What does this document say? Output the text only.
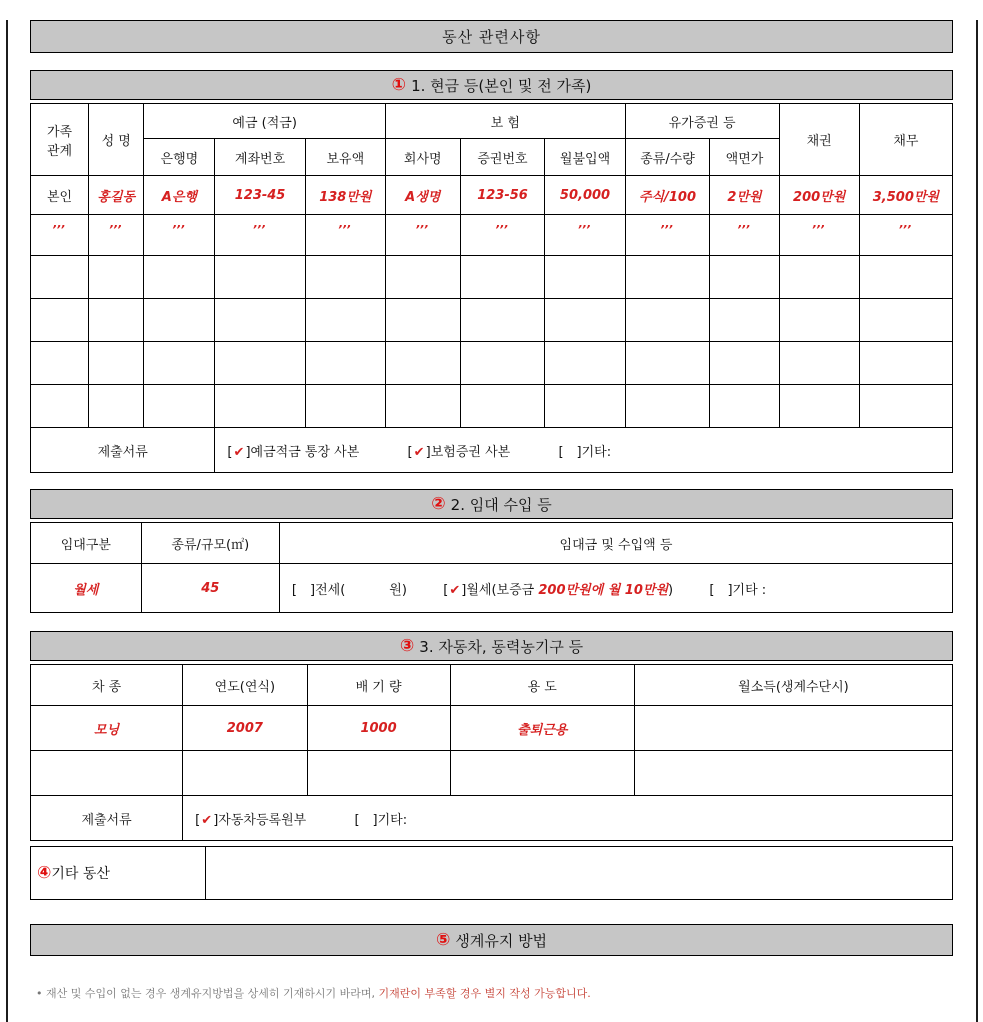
동산 관련사항
① 1. 현금 등(본인 및 전 가족)
가족
관계	성 명	예금 (적금)			보 험			유가증권 등		채권	채무
		은행명	계좌번호	보유액	회사명	증권번호	월불입액	종류/수량	액면가		
본인	홍길동	A은행	123-45	138만원	A생명	123-56	50,000	주식/100	2만원	200만원	3,500만원
,,,	,,,	,,,	,,,	,,,	,,,	,,,	,,,	,,,	,,,	,,,	,,,

제출서류			[✔]예금적금 통장 사본 [✔]보험증권 사본 [ ]기타:								
② 2. 임대 수입 등
임대구분	종류/규모(㎡)	임대금 및 수입액 등
월세	45	[ ]전세( 원) [✔]월세(보증금 200만원에 월 10만원) [ ]기타 :
③ 3. 자동차, 동력농기구 등
차 종	연도(연식)	배 기 량	용 도	월소득(생계수단시)
모닝	2007	1000	출퇴근용	

제출서류	[✔]자동차등록원부 [ ]기타:			
④기타 동산	
⑤ 생계유지 방법
• 재산 및 수입이 없는 경우 생계유지방법을 상세히 기재하시기 바라며, 기재란이 부족할 경우 별지 작성 가능합니다.
